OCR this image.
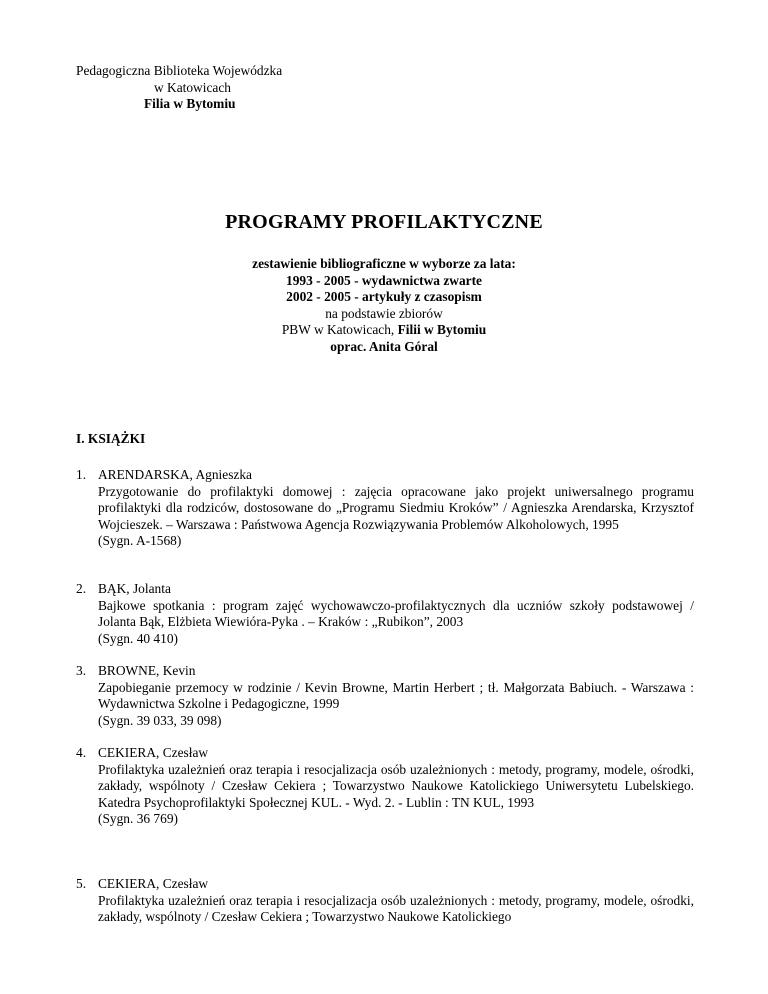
Pedagogiczna Biblioteka Wojewódzka
w Katowicach
Filia w Bytomiu
PROGRAMY PROFILAKTYCZNE
zestawienie bibliograficzne w wyborze za lata:
1993 - 2005 - wydawnictwa zwarte
2002 - 2005 - artykuły z czasopism
na podstawie zbiorów
PBW w Katowicach, Filii w Bytomiu
oprac. Anita Góral
I. KSIĄŻKI
1. ARENDARSKA, Agnieszka
Przygotowanie do profilaktyki domowej : zajęcia opracowane jako projekt uniwersalnego programu profilaktyki dla rodziców, dostosowane do „Programu Siedmiu Kroków” / Agnieszka Arendarska, Krzysztof Wojcieszek. – Warszawa : Państwowa Agencja Rozwiązywania Problemów Alkoholowych, 1995
(Sygn. A-1568)
2. BĄK, Jolanta
Bajkowe spotkania : program zajęć wychowawczo-profilaktycznych dla uczniów szkoły podstawowej / Jolanta Bąk, Elżbieta Wiewióra-Pyka . – Kraków : „Rubikon”, 2003
(Sygn. 40 410)
3. BROWNE, Kevin
Zapobieganie przemocy w rodzinie / Kevin Browne, Martin Herbert ; tł. Małgorzata Babiuch. - Warszawa : Wydawnictwa Szkolne i Pedagogiczne, 1999
(Sygn. 39 033, 39 098)
4. CEKIERA, Czesław
Profilaktyka uzależnień oraz terapia i resocjalizacja osób uzależnionych : metody, programy, modele, ośrodki, zakłady, wspólnoty / Czesław Cekiera ; Towarzystwo Naukowe Katolickiego Uniwersytetu Lubelskiego. Katedra Psychoprofilaktyki Społecznej KUL. - Wyd. 2. - Lublin : TN KUL, 1993
(Sygn. 36 769)
5. CEKIERA, Czesław
Profilaktyka uzależnień oraz terapia i resocjalizacja osób uzależnionych : metody, programy, modele, ośrodki, zakłady, wspólnoty / Czesław Cekiera ; Towarzystwo Naukowe Katolickiego
